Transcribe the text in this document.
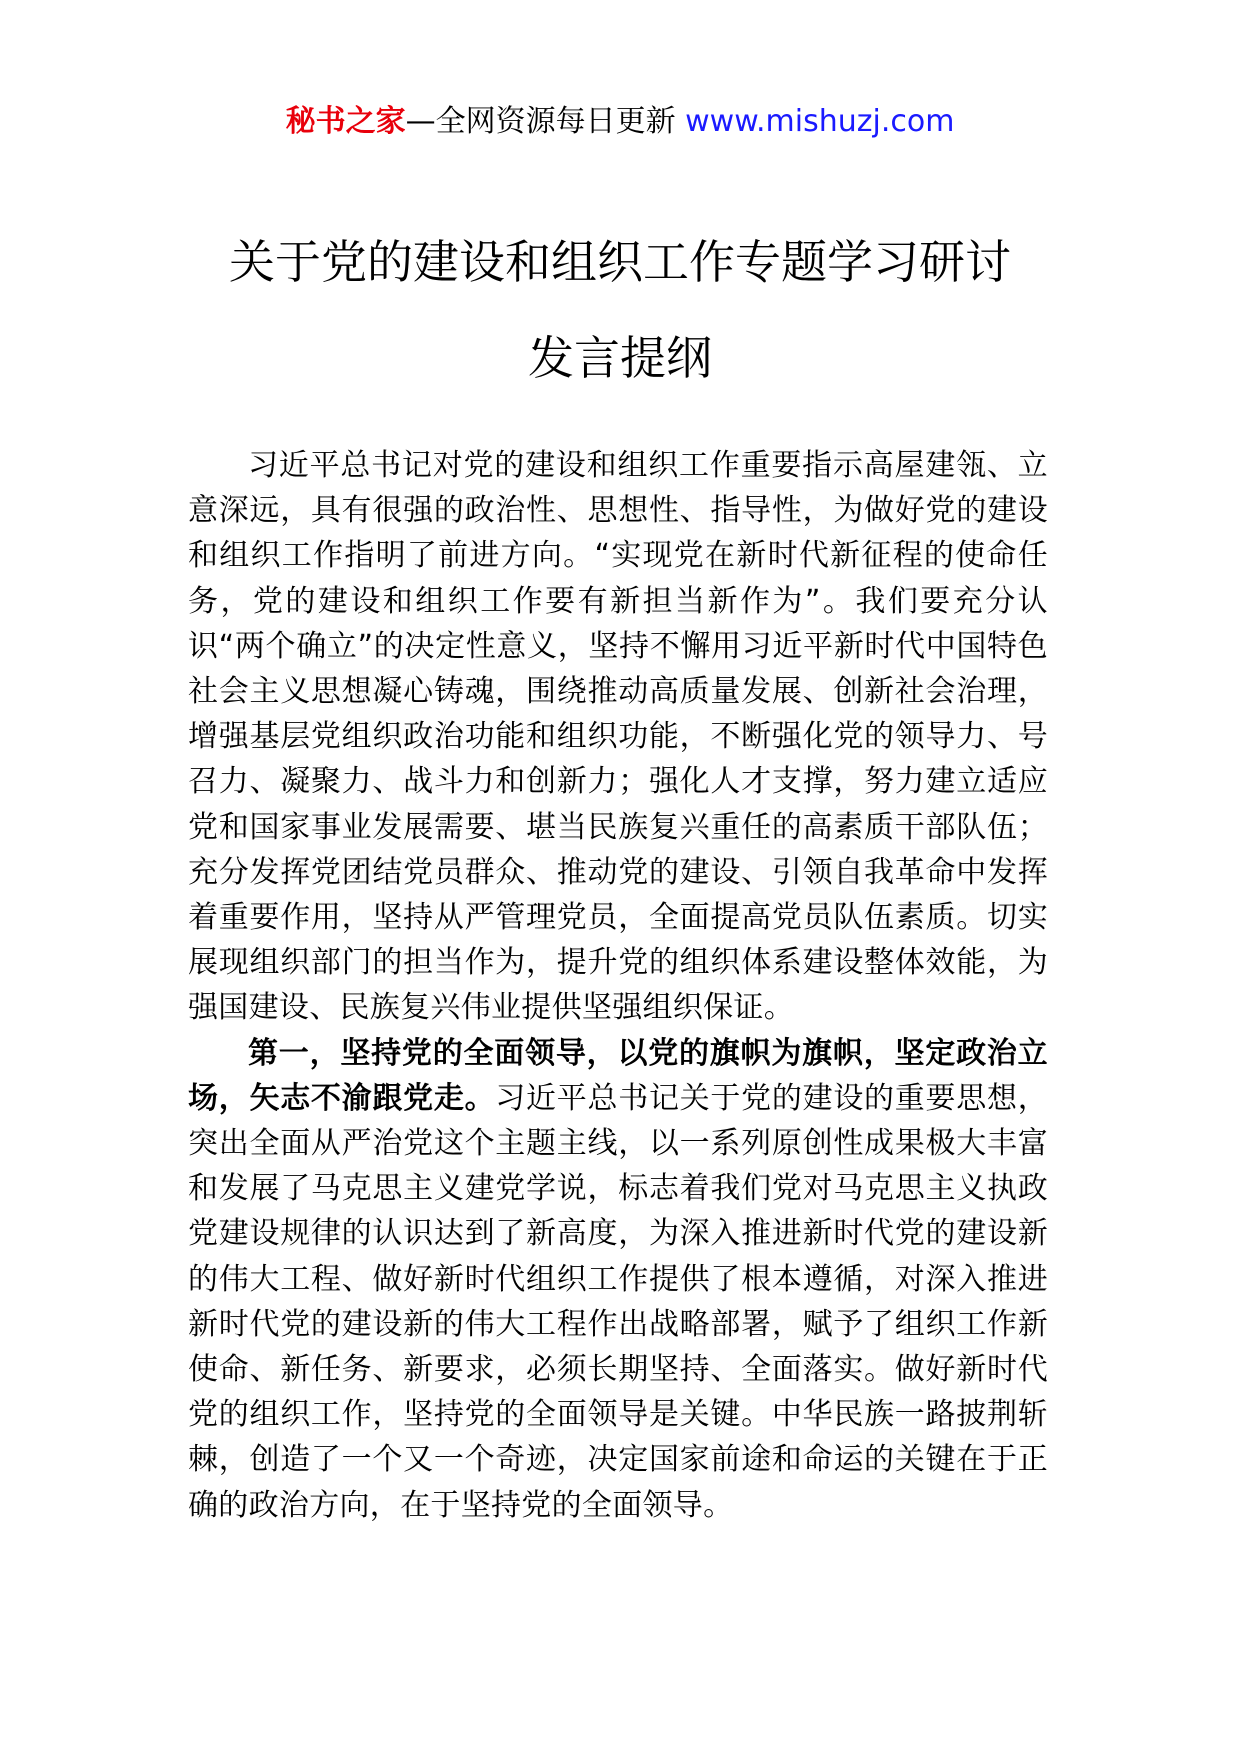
秘书之家—全网资源每日更新 www.mishuzj.com
关于党的建设和组织工作专题学习研讨
发言提纲

习近平总书记对党的建设和组织工作重要指示高屋建瓴、立意深远，具有很强的政治性、思想性、指导性，为做好党的建设和组织工作指明了前进方向。“实现党在新时代新征程的使命任务，党的建设和组织工作要有新担当新作为”。我们要充分认识“两个确立”的决定性意义，坚持不懈用习近平新时代中国特色社会主义思想凝心铸魂，围绕推动高质量发展、创新社会治理，增强基层党组织政治功能和组织功能，不断强化党的领导力、号召力、凝聚力、战斗力和创新力；强化人才支撑，努力建立适应党和国家事业发展需要、堪当民族复兴重任的高素质干部队伍；充分发挥党团结党员群众、推动党的建设、引领自我革命中发挥着重要作用，坚持从严管理党员，全面提高党员队伍素质。切实展现组织部门的担当作为，提升党的组织体系建设整体效能，为强国建设、民族复兴伟业提供坚强组织保证。

第一，坚持党的全面领导，以党的旗帜为旗帜，坚定政治立场，矢志不渝跟党走。习近平总书记关于党的建设的重要思想，突出全面从严治党这个主题主线，以一系列原创性成果极大丰富和发展了马克思主义建党学说，标志着我们党对马克思主义执政党建设规律的认识达到了新高度，为深入推进新时代党的建设新的伟大工程、做好新时代组织工作提供了根本遵循，对深入推进新时代党的建设新的伟大工程作出战略部署，赋予了组织工作新使命、新任务、新要求，必须长期坚持、全面落实。做好新时代党的组织工作，坚持党的全面领导是关键。中华民族一路披荆斩棘，创造了一个又一个奇迹，决定国家前途和命运的关键在于正确的政治方向，在于坚持党的全面领导。
